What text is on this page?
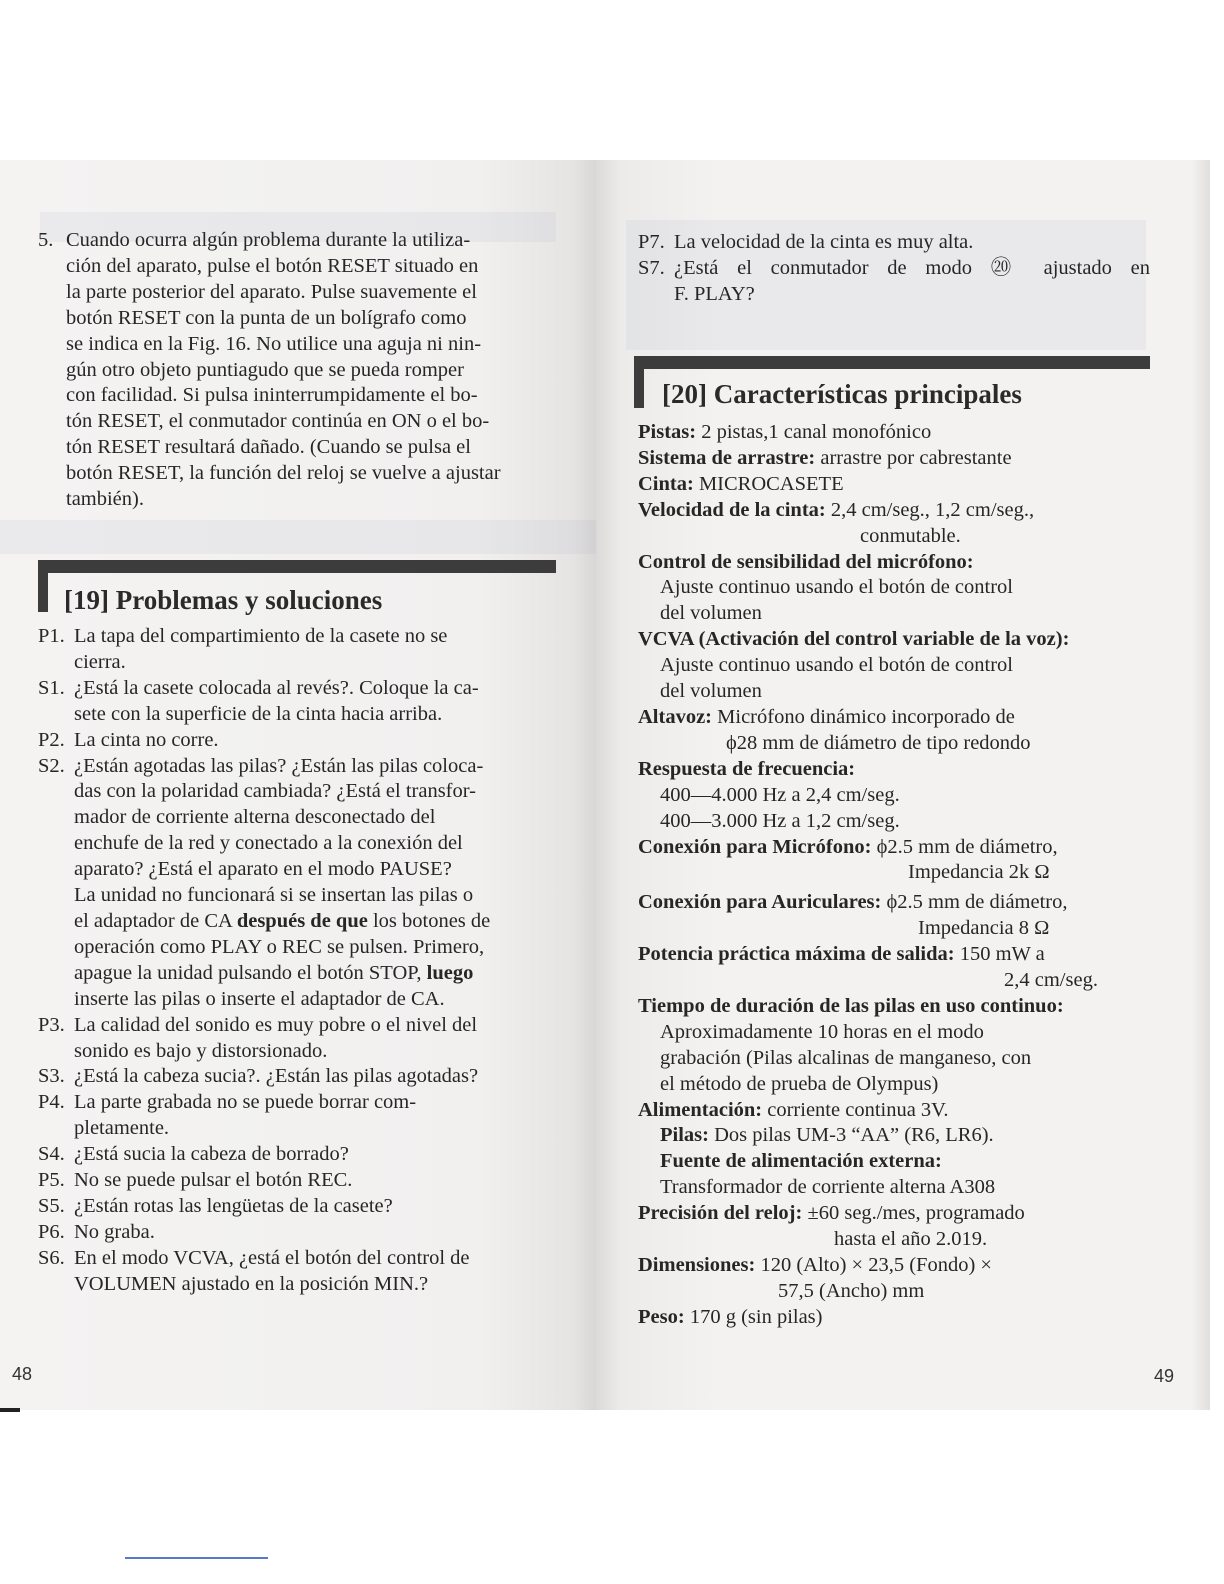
5. Cuando ocurra algún problema durante la utiliza-
ción del aparato, pulse el botón RESET situado en
la parte posterior del aparato. Pulse suavemente el
botón RESET con la punta de un bolígrafo como
se indica en la Fig. 16. No utilice una aguja ni nin-
gún otro objeto puntiagudo que se pueda romper
con facilidad. Si pulsa ininterrumpidamente el bo-
tón RESET, el conmutador continúa en ON o el bo-
tón RESET resultará dañado. (Cuando se pulsa el
botón RESET, la función del reloj se vuelve a ajustar
también).
[19] Problemas y soluciones
P1. La tapa del compartimiento de la casete no se
cierra.
S1. ¿Está la casete colocada al revés?. Coloque la ca-
sete con la superficie de la cinta hacia arriba.
P2. La cinta no corre.
S2. ¿Están agotadas las pilas? ¿Están las pilas coloca-
das con la polaridad cambiada? ¿Está el transfor-
mador de corriente alterna desconectado del
enchufe de la red y conectado a la conexión del
aparato? ¿Está el aparato en el modo PAUSE?
La unidad no funcionará si se insertan las pilas o
el adaptador de CA después de que los botones de
operación como PLAY o REC se pulsen. Primero,
apague la unidad pulsando el botón STOP, luego
inserte las pilas o inserte el adaptador de CA.
P3. La calidad del sonido es muy pobre o el nivel del
sonido es bajo y distorsionado.
S3. ¿Está la cabeza sucia?. ¿Están las pilas agotadas?
P4. La parte grabada no se puede borrar com-
pletamente.
S4. ¿Está sucia la cabeza de borrado?
P5. No se puede pulsar el botón REC.
S5. ¿Están rotas las lengüetas de la casete?
P6. No graba.
S6. En el modo VCVA, ¿está el botón del control de
VOLUMEN ajustado en la posición MIN.?
48
P7. La velocidad de la cinta es muy alta.
S7. ¿Está el conmutador de modo ⑳ ajustado en
F. PLAY?
[20] Características principales
Pistas: 2 pistas,1 canal monofónico
Sistema de arrastre: arrastre por cabrestante
Cinta: MICROCASETE
Velocidad de la cinta: 2,4 cm/seg., 1,2 cm/seg.,
conmutable.
Control de sensibilidad del micrófono:
Ajuste continuo usando el botón de control
del volumen
VCVA (Activación del control variable de la voz):
Ajuste continuo usando el botón de control
del volumen
Altavoz: Micrófono dinámico incorporado de
ϕ28 mm de diámetro de tipo redondo
Respuesta de frecuencia:
400—4.000 Hz a 2,4 cm/seg.
400—3.000 Hz a 1,2 cm/seg.
Conexión para Micrófono: ϕ2.5 mm de diámetro,
Impedancia 2k Ω
Conexión para Auriculares: ϕ2.5 mm de diámetro,
Impedancia 8 Ω
Potencia práctica máxima de salida: 150 mW a
2,4 cm/seg.
Tiempo de duración de las pilas en uso continuo:
Aproximadamente 10 horas en el modo
grabación (Pilas alcalinas de manganeso, con
el método de prueba de Olympus)
Alimentación: corriente continua 3V.
Pilas: Dos pilas UM-3 “AA” (R6, LR6).
Fuente de alimentación externa:
Transformador de corriente alterna A308
Precisión del reloj: ±60 seg./mes, programado
hasta el año 2.019.
Dimensiones: 120 (Alto) × 23,5 (Fondo) ×
57,5 (Ancho) mm
Peso: 170 g (sin pilas)
49
